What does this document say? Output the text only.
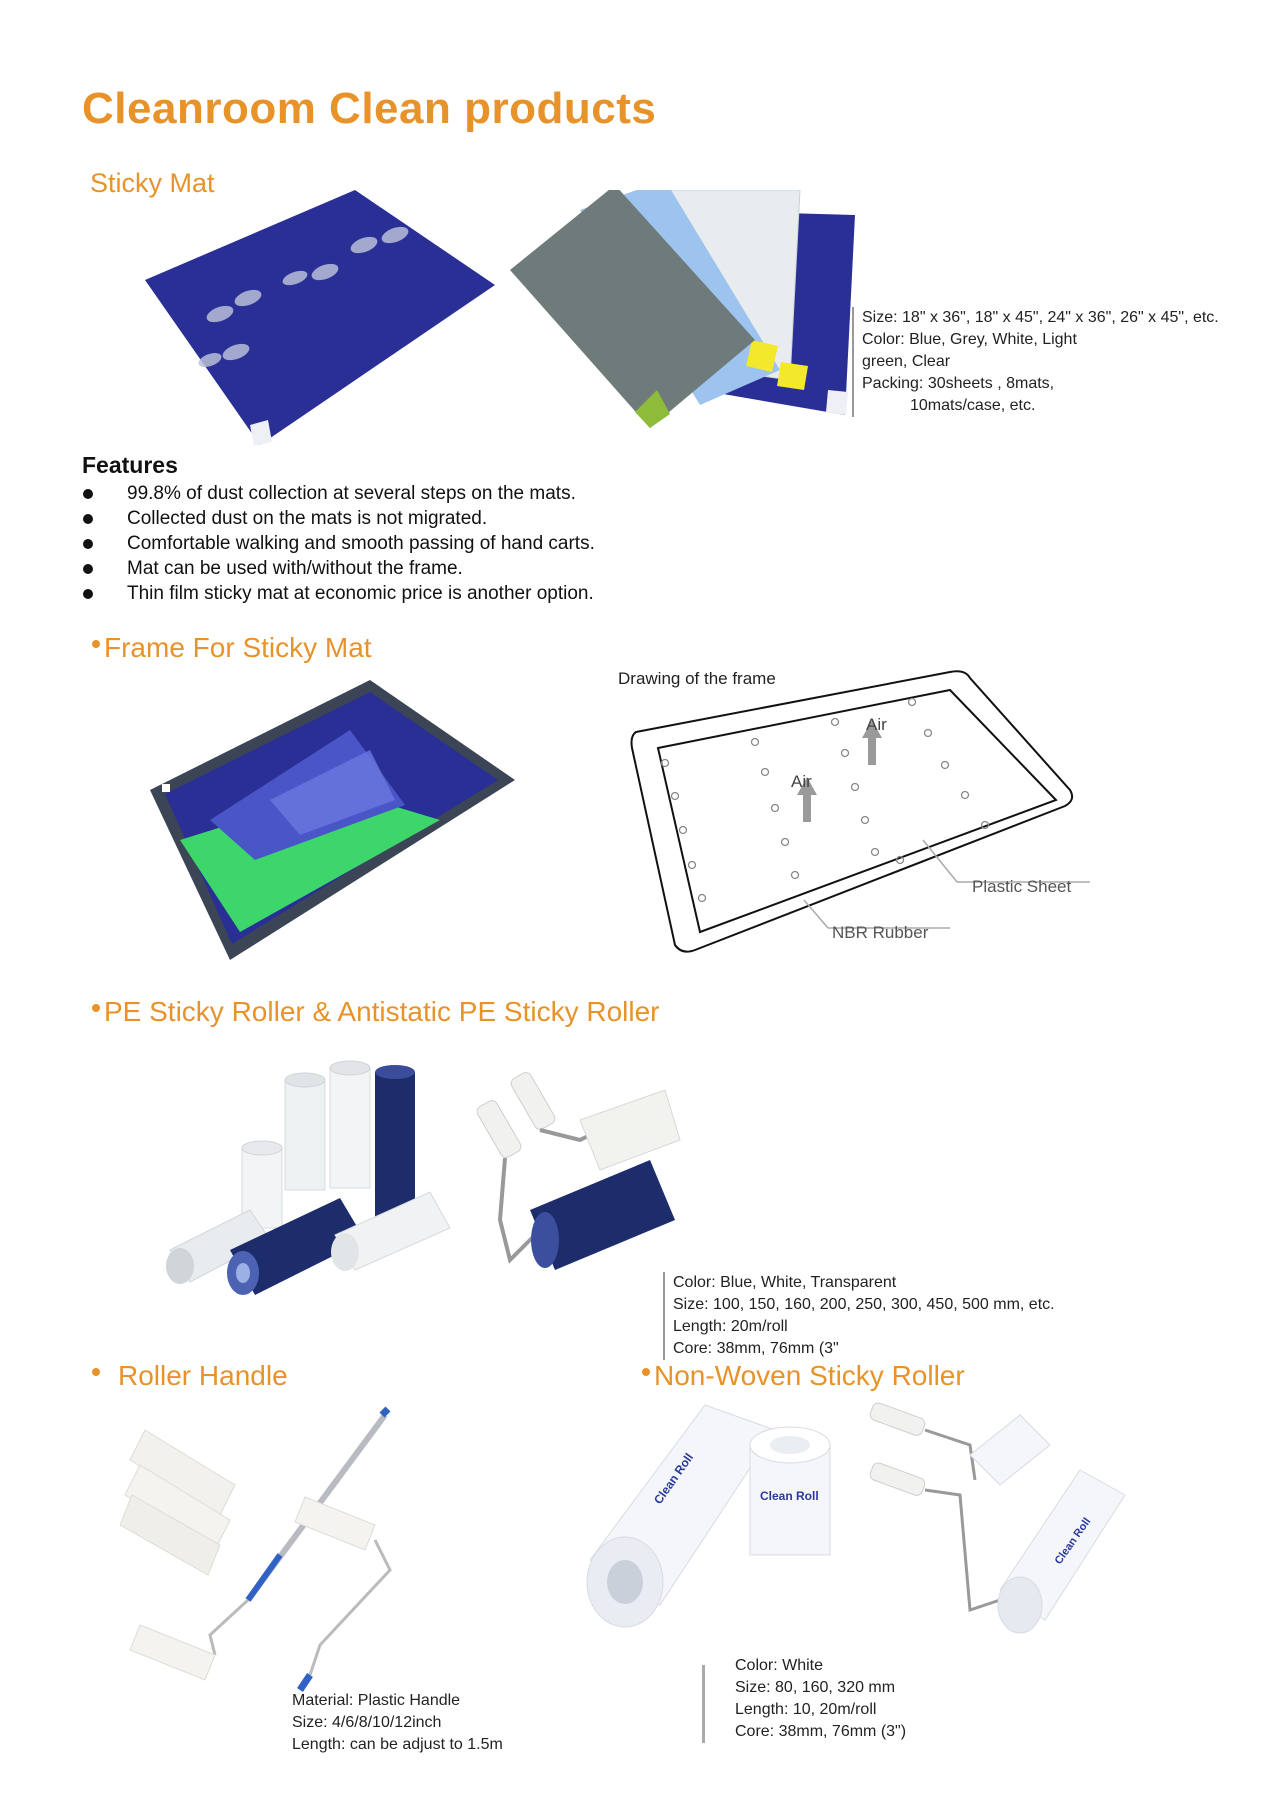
Cleanroom Clean products
Sticky Mat
Size: 18" x 36", 18" x 45", 24" x 36", 26" x 45", etc.
Color: Blue, Grey, White, Light
green, Clear
Packing: 30sheets , 8mats,
10mats/case, etc.
Features
99.8% of dust collection at several steps on the mats.
Collected dust on the mats is not migrated.
Comfortable walking and smooth passing of hand carts.
Mat can be used with/without the frame.
Thin film sticky mat at economic price is another option.
Frame For Sticky Mat
Drawing of the frame
Air
Air
Plastic Sheet
NBR Rubber
PE Sticky Roller & Antistatic PE Sticky Roller
Color: Blue, White, Transparent
Size: 100, 150, 160, 200, 250, 300, 450, 500 mm, etc.
Length: 20m/roll
Core: 38mm, 76mm (3"
Roller Handle
Material: Plastic Handle
Size: 4/6/8/10/12inch
Length: can be adjust to 1.5m
Non-Woven Sticky Roller
Clean Roll	Clean Roll
Clean Roll
Color: White
Size: 80, 160, 320 mm
Length: 10, 20m/roll
Core: 38mm, 76mm (3")
